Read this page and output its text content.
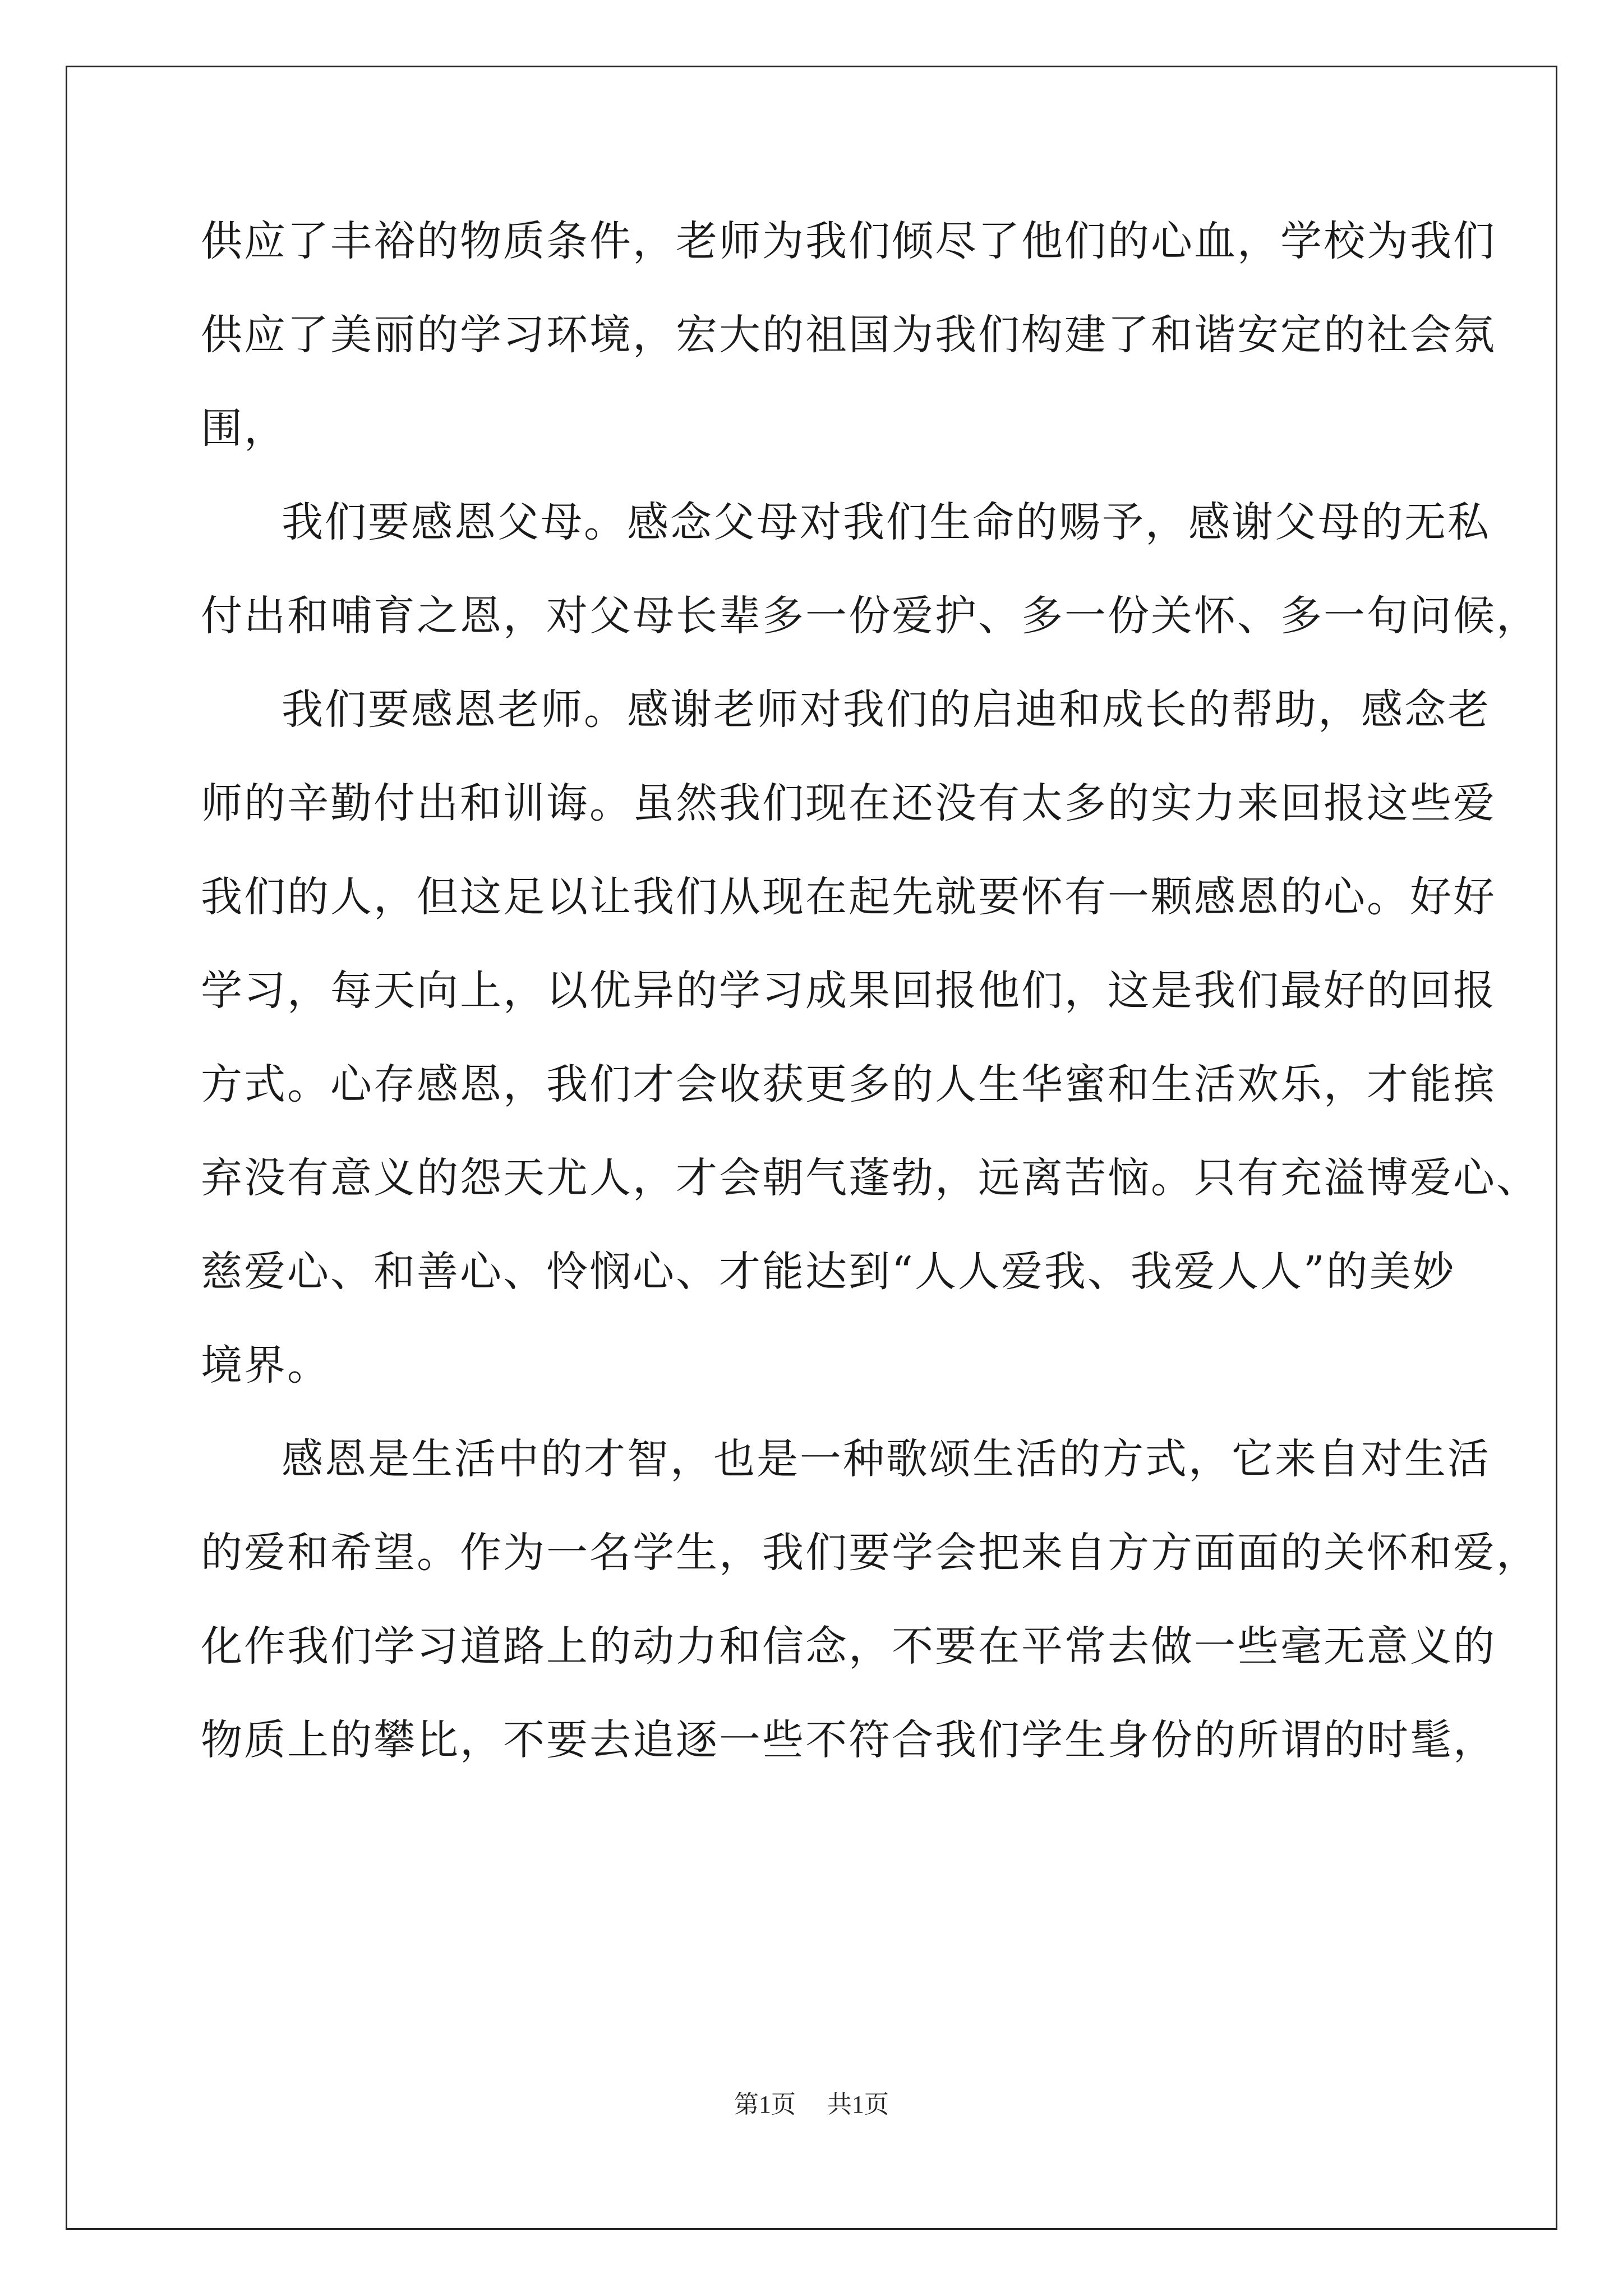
供应了丰裕的物质条件，老师为我们倾尽了他们的心血，学校为我们
供应了美丽的学习环境，宏大的祖国为我们构建了和谐安定的社会氛
围，
我们要感恩父母。感念父母对我们生命的赐予，感谢父母的无私
付出和哺育之恩，对父母长辈多一份爱护、多一份关怀、多一句问候，
我们要感恩老师。感谢老师对我们的启迪和成长的帮助，感念老
师的辛勤付出和训诲。虽然我们现在还没有太多的实力来回报这些爱
我们的人，但这足以让我们从现在起先就要怀有一颗感恩的心。好好
学习，每天向上，以优异的学习成果回报他们，这是我们最好的回报
方式。心存感恩，我们才会收获更多的人生华蜜和生活欢乐，才能摈
弃没有意义的怨天尤人，才会朝气蓬勃，远离苦恼。只有充溢博爱心、
慈爱心、和善心、怜悯心、才能达到“人人爱我、我爱人人”的美妙
境界。
感恩是生活中的才智，也是一种歌颂生活的方式，它来自对生活
的爱和希望。作为一名学生，我们要学会把来自方方面面的关怀和爱，
化作我们学习道路上的动力和信念，不要在平常去做一些毫无意义的
物质上的攀比，不要去追逐一些不符合我们学生身份的所谓的时髦，
第1页 共1页
